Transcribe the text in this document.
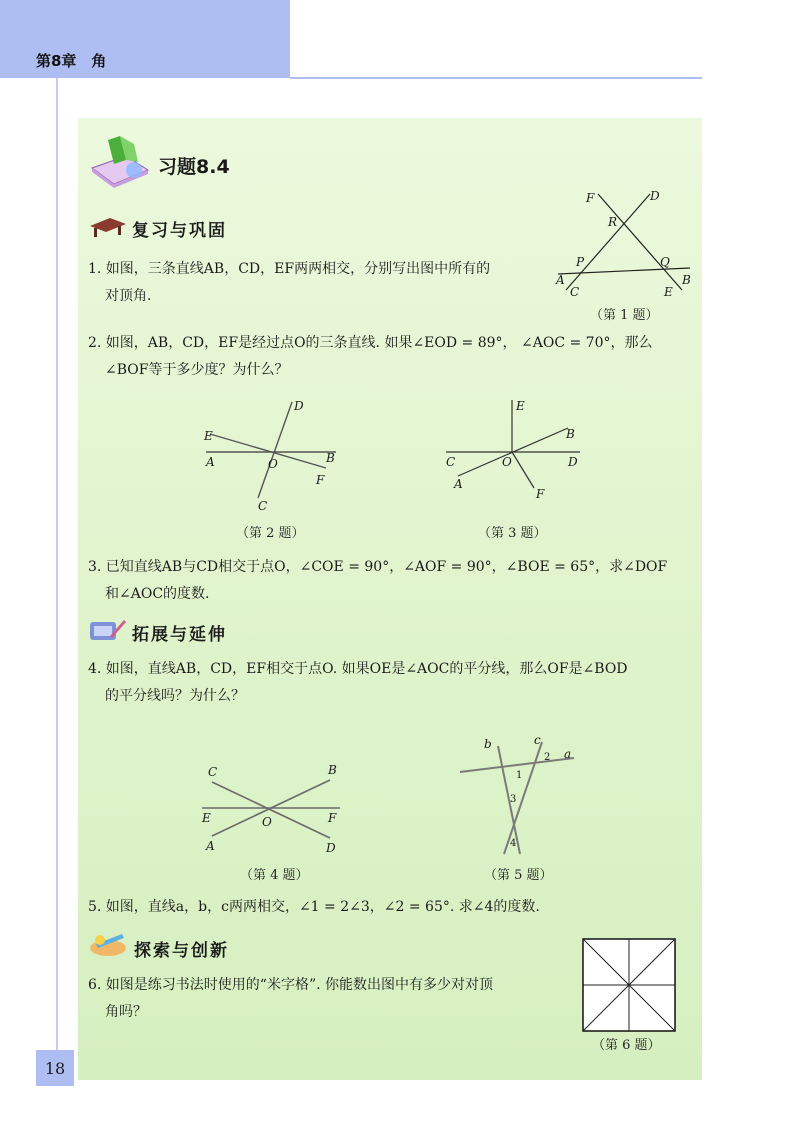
第8章　角
18
习题8.4
复习与巩固
1. 如图，三条直线AB，CD，EF两两相交，分别写出图中所有的
对顶角.
F	D
R
P	Q
A	B
C	E
（第 1 题）
2. 如图，AB，CD，EF是经过点O的三条直线. 如果∠EOD = 89°， ∠AOC = 70°，那么
∠BOF等于多少度？为什么？
D
E
A	O	B
F
C
（第 2 题）
E
B
C	O	D
A
F
（第 3 题）
3. 已知直线AB与CD相交于点O，∠COE = 90°，∠AOF = 90°，∠BOE = 65°，求∠DOF
和∠AOC的度数.
拓展与延伸
4. 如图，直线AB，CD，EF相交于点O. 如果OE是∠AOC的平分线，那么OF是∠BOD
的平分线吗？为什么？
C	B
E	O	F
A	D
（第 4 题）
b	c
a
1
2
3
4
（第 5 题）
5. 如图，直线a，b，c两两相交，∠1 = 2∠3，∠2 = 65°. 求∠4的度数.
探索与创新
6. 如图是练习书法时使用的“米字格”. 你能数出图中有多少对对顶
角吗？
（第 6 题）
